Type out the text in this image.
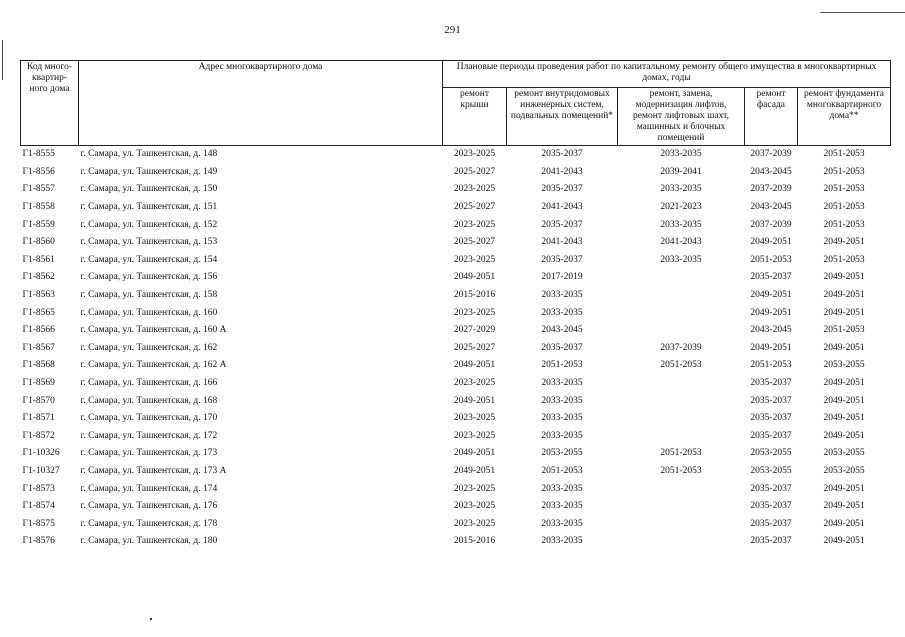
291
Код много-квартир-ного дома	Адрес многоквартирного дома	Плановые периоды проведения работ по капитальному ремонту общего имущества в многоквартирных домах, годы				
		ремонт крыши	ремонт внутридомовых инженерных систем, подвальных помещений*	ремонт, замена, модернизация лифтов, ремонт лифтовых шахт, машинных и блочных помещений	ремонт фасада	ремонт фундамента многоквартирного дома**
Г1-8555	г. Самара, ул. Ташкентская, д. 148	2023-2025	2035-2037	2033-2035	2037-2039	2051-2053
Г1-8556	г. Самара, ул. Ташкентская, д. 149	2025-2027	2041-2043	2039-2041	2043-2045	2051-2053
Г1-8557	г. Самара, ул. Ташкентская, д. 150	2023-2025	2035-2037	2033-2035	2037-2039	2051-2053
Г1-8558	г. Самара, ул. Ташкентская, д. 151	2025-2027	2041-2043	2021-2023	2043-2045	2051-2053
Г1-8559	г. Самара, ул. Ташкентская, д. 152	2023-2025	2035-2037	2033-2035	2037-2039	2051-2053
Г1-8560	г. Самара, ул. Ташкентская, д. 153	2025-2027	2041-2043	2041-2043	2049-2051	2049-2051
Г1-8561	г. Самара, ул. Ташкентская, д. 154	2023-2025	2035-2037	2033-2035	2051-2053	2051-2053
Г1-8562	г. Самара, ул. Ташкентская, д. 156	2049-2051	2017-2019		2035-2037	2049-2051
Г1-8563	г. Самара, ул. Ташкентская, д. 158	2015-2016	2033-2035		2049-2051	2049-2051
Г1-8565	г. Самара, ул. Ташкентская, д. 160	2023-2025	2033-2035		2049-2051	2049-2051
Г1-8566	г. Самара, ул. Ташкентская, д. 160 А	2027-2029	2043-2045		2043-2045	2051-2053
Г1-8567	г. Самара, ул. Ташкентская, д. 162	2025-2027	2035-2037	2037-2039	2049-2051	2049-2051
Г1-8568	г. Самара, ул. Ташкентская, д. 162 А	2049-2051	2051-2053	2051-2053	2051-2053	2053-2055
Г1-8569	г. Самара, ул. Ташкентская, д. 166	2023-2025	2033-2035		2035-2037	2049-2051
Г1-8570	г. Самара, ул. Ташкентская, д. 168	2049-2051	2033-2035		2035-2037	2049-2051
Г1-8571	г. Самара, ул. Ташкентская, д. 170	2023-2025	2033-2035		2035-2037	2049-2051
Г1-8572	г. Самара, ул. Ташкентская, д. 172	2023-2025	2033-2035		2035-2037	2049-2051
Г1-10326	г. Самара, ул. Ташкентская, д. 173	2049-2051	2053-2055	2051-2053	2053-2055	2053-2055
Г1-10327	г. Самара, ул. Ташкентская, д. 173 А	2049-2051	2051-2053	2051-2053	2053-2055	2053-2055
Г1-8573	г. Самара, ул. Ташкентская, д. 174	2023-2025	2033-2035		2035-2037	2049-2051
Г1-8574	г. Самара, ул. Ташкентская, д. 176	2023-2025	2033-2035		2035-2037	2049-2051
Г1-8575	г. Самара, ул. Ташкентская, д. 178	2023-2025	2033-2035		2035-2037	2049-2051
Г1-8576	г. Самара, ул. Ташкентская, д. 180	2015-2016	2033-2035		2035-2037	2049-2051
